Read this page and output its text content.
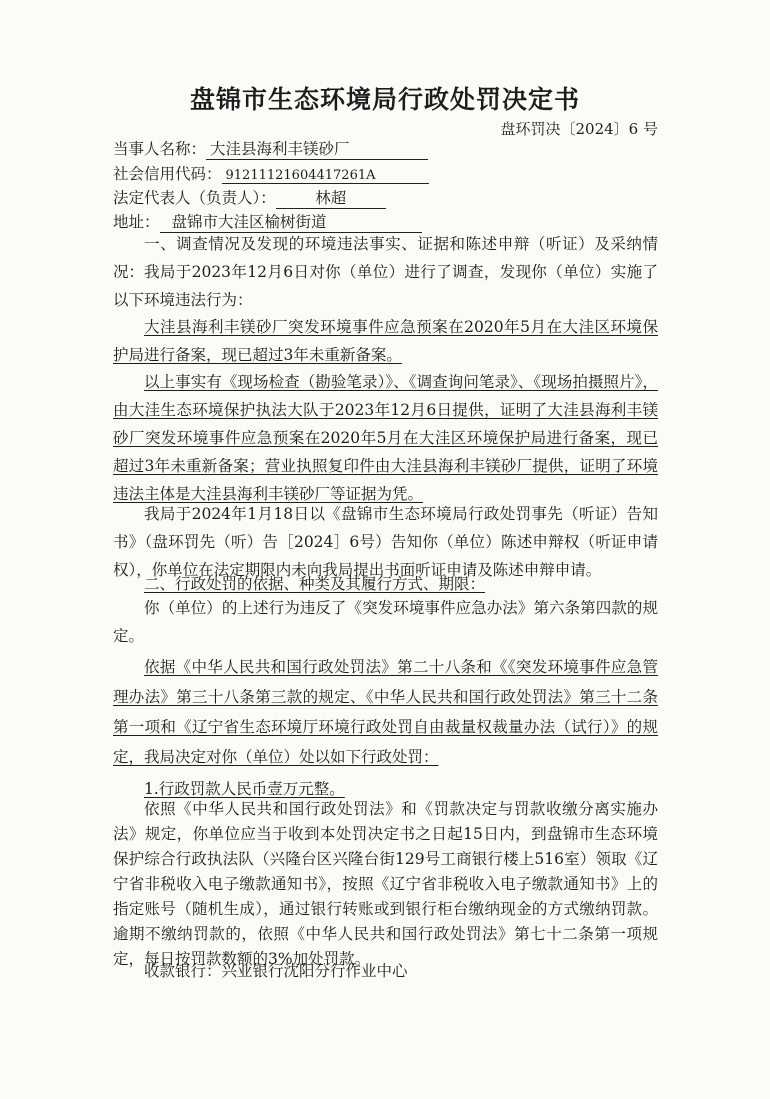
盘锦市生态环境局行政处罚决定书
盘环罚决〔2024〕6 号
当事人名称： 大洼县海利丰镁砂厂
社会信用代码： 91211121604417261A
法定代表人（负责人）：	林超
地址： 盘锦市大洼区榆树街道
一、调查情况及发现的环境违法事实、证据和陈述申辩（听证）及采纳情况： 我局于2023年12月6日对你（单位）进行了调查，发现你（单位）实施了以下环境违法行为：
大洼县海利丰镁砂厂突发环境事件应急预案在2020年5月在大洼区环境保护局进行备案，现已超过3年未重新备案。
以上事实有《现场检查（勘验笔录）》、《调查询问笔录》、《现场拍摄照片》，由大洼生态环境保护执法大队于2023年12月6日提供，证明了大洼县海利丰镁砂厂突发环境事件应急预案在2020年5月在大洼区环境保护局进行备案，现已超过3年未重新备案；营业执照复印件由大洼县海利丰镁砂厂提供，证明了环境违法主体是大洼县海利丰镁砂厂等证据为凭。
我局于2024年1月18日以《盘锦市生态环境局行政处罚事先（听证）告知书》（盘环罚先（听）告［2024］6号）告知你（单位）陈述申辩权（听证申请权），你单位在法定期限内未向我局提出书面听证申请及陈述申辩申请。
二、行政处罚的依据、种类及其履行方式、期限：
你（单位）的上述行为违反了《突发环境事件应急办法》第六条第四款的规定。
依据《中华人民共和国行政处罚法》第二十八条和《《突发环境事件应急管理办法》第三十八条第三款的规定、《中华人民共和国行政处罚法》第三十二条第一项和《辽宁省生态环境厅环境行政处罚自由裁量权裁量办法（试行）》的规定，我局决定对你（单位）处以如下行政处罚：
1.行政罚款人民币壹万元整。
依照《中华人民共和国行政处罚法》和《罚款决定与罚款收缴分离实施办法》规定，你单位应当于收到本处罚决定书之日起15日内，到盘锦市生态环境保护综合行政执法队（兴隆台区兴隆台街129号工商银行楼上516室）领取《辽宁省非税收入电子缴款通知书》，按照《辽宁省非税收入电子缴款通知书》上的指定账号（随机生成），通过银行转账或到银行柜台缴纳现金的方式缴纳罚款。逾期不缴纳罚款的，依照《中华人民共和国行政处罚法》第七十二条第一项规定，每日按罚款数额的3%加处罚款。
收款银行：兴业银行沈阳分行作业中心
